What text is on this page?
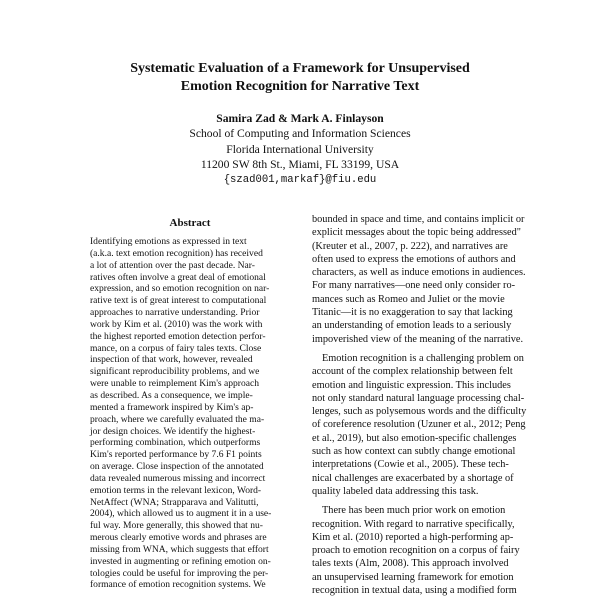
Systematic Evaluation of a Framework for Unsupervised
Emotion Recognition for Narrative Text
Samira Zad & Mark A. Finlayson
School of Computing and Information Sciences
Florida International University
11200 SW 8th St., Miami, FL 33199, USA
{szad001,markaf}@fiu.edu
Abstract
Identifying emotions as expressed in text
(a.k.a. text emotion recognition) has received
a lot of attention over the past decade. Nar-
ratives often involve a great deal of emotional
expression, and so emotion recognition on nar-
rative text is of great interest to computational
approaches to narrative understanding. Prior
work by Kim et al. (2010) was the work with
the highest reported emotion detection perfor-
mance, on a corpus of fairy tales texts. Close
inspection of that work, however, revealed
significant reproducibility problems, and we
were unable to reimplement Kim's approach
as described. As a consequence, we imple-
mented a framework inspired by Kim's ap-
proach, where we carefully evaluated the ma-
jor design choices. We identify the highest-
performing combination, which outperforms
Kim's reported performance by 7.6 F1 points
on average. Close inspection of the annotated
data revealed numerous missing and incorrect
emotion terms in the relevant lexicon, Word-
NetAffect (WNA; Strapparava and Valitutti,
2004), which allowed us to augment it in a use-
ful way. More generally, this showed that nu-
merous clearly emotive words and phrases are
missing from WNA, which suggests that effort
invested in augmenting or refining emotion on-
tologies could be useful for improving the per-
formance of emotion recognition systems. We
bounded in space and time, and contains implicit or
explicit messages about the topic being addressed"
(Kreuter et al., 2007, p. 222), and narratives are
often used to express the emotions of authors and
characters, as well as induce emotions in audiences.
For many narratives—one need only consider ro-
mances such as Romeo and Juliet or the movie
Titanic—it is no exaggeration to say that lacking
an understanding of emotion leads to a seriously
impoverished view of the meaning of the narrative.
Emotion recognition is a challenging problem on
account of the complex relationship between felt
emotion and linguistic expression. This includes
not only standard natural language processing chal-
lenges, such as polysemous words and the difficulty
of coreference resolution (Uzuner et al., 2012; Peng
et al., 2019), but also emotion-specific challenges
such as how context can subtly change emotional
interpretations (Cowie et al., 2005). These tech-
nical challenges are exacerbated by a shortage of
quality labeled data addressing this task.
There has been much prior work on emotion
recognition. With regard to narrative specifically,
Kim et al. (2010) reported a high-performing ap-
proach to emotion recognition on a corpus of fairy
tales texts (Alm, 2008). This approach involved
an unsupervised learning framework for emotion
recognition in textual data, using a modified form
